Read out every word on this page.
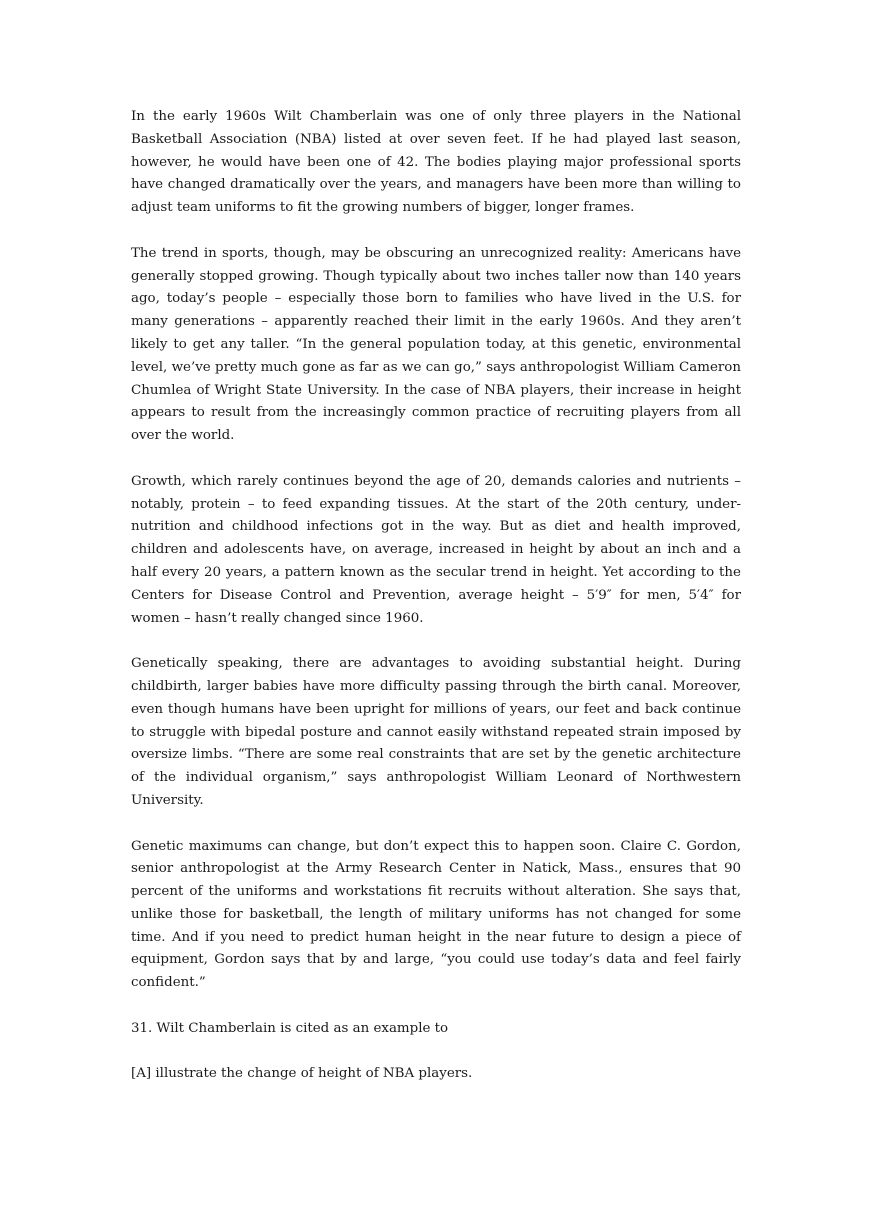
In the early 1960s Wilt Chamberlain was one of only three players in the National Basketball Association (NBA) listed at over seven feet. If he had played last season, however, he would have been one of 42. The bodies playing major professional sports have changed dramatically over the years, and managers have been more than willing to adjust team uniforms to fit the growing numbers of bigger, longer frames.

The trend in sports, though, may be obscuring an unrecognized reality: Americans have generally stopped growing. Though typically about two inches taller now than 140 years ago, today’s people – especially those born to families who have lived in the U.S. for many generations – apparently reached their limit in the early 1960s. And they aren’t likely to get any taller. “In the general population today, at this genetic, environmental level, we’ve pretty much gone as far as we can go,” says anthropologist William Cameron Chumlea of Wright State University. In the case of NBA players, their increase in height appears to result from the increasingly common practice of recruiting players from all over the world.

Growth, which rarely continues beyond the age of 20, demands calories and nutrients – notably, protein – to feed expanding tissues. At the start of the 20th century, under-nutrition and childhood infections got in the way. But as diet and health improved, children and adolescents have, on average, increased in height by about an inch and a half every 20 years, a pattern known as the secular trend in height. Yet according to the Centers for Disease Control and Prevention, average height – 5′9″ for men, 5′4″ for women – hasn’t really changed since 1960.

Genetically speaking, there are advantages to avoiding substantial height. During childbirth, larger babies have more difficulty passing through the birth canal. Moreover, even though humans have been upright for millions of years, our feet and back continue to struggle with bipedal posture and cannot easily withstand repeated strain imposed by oversize limbs. “There are some real constraints that are set by the genetic architecture of the individual organism,” says anthropologist William Leonard of Northwestern University.

Genetic maximums can change, but don’t expect this to happen soon. Claire C. Gordon, senior anthropologist at the Army Research Center in Natick, Mass., ensures that 90 percent of the uniforms and workstations fit recruits without alteration. She says that, unlike those for basketball, the length of military uniforms has not changed for some time. And if you need to predict human height in the near future to design a piece of equipment, Gordon says that by and large, “you could use today’s data and feel fairly confident.”

31. Wilt Chamberlain is cited as an example to

[A] illustrate the change of height of NBA players.
